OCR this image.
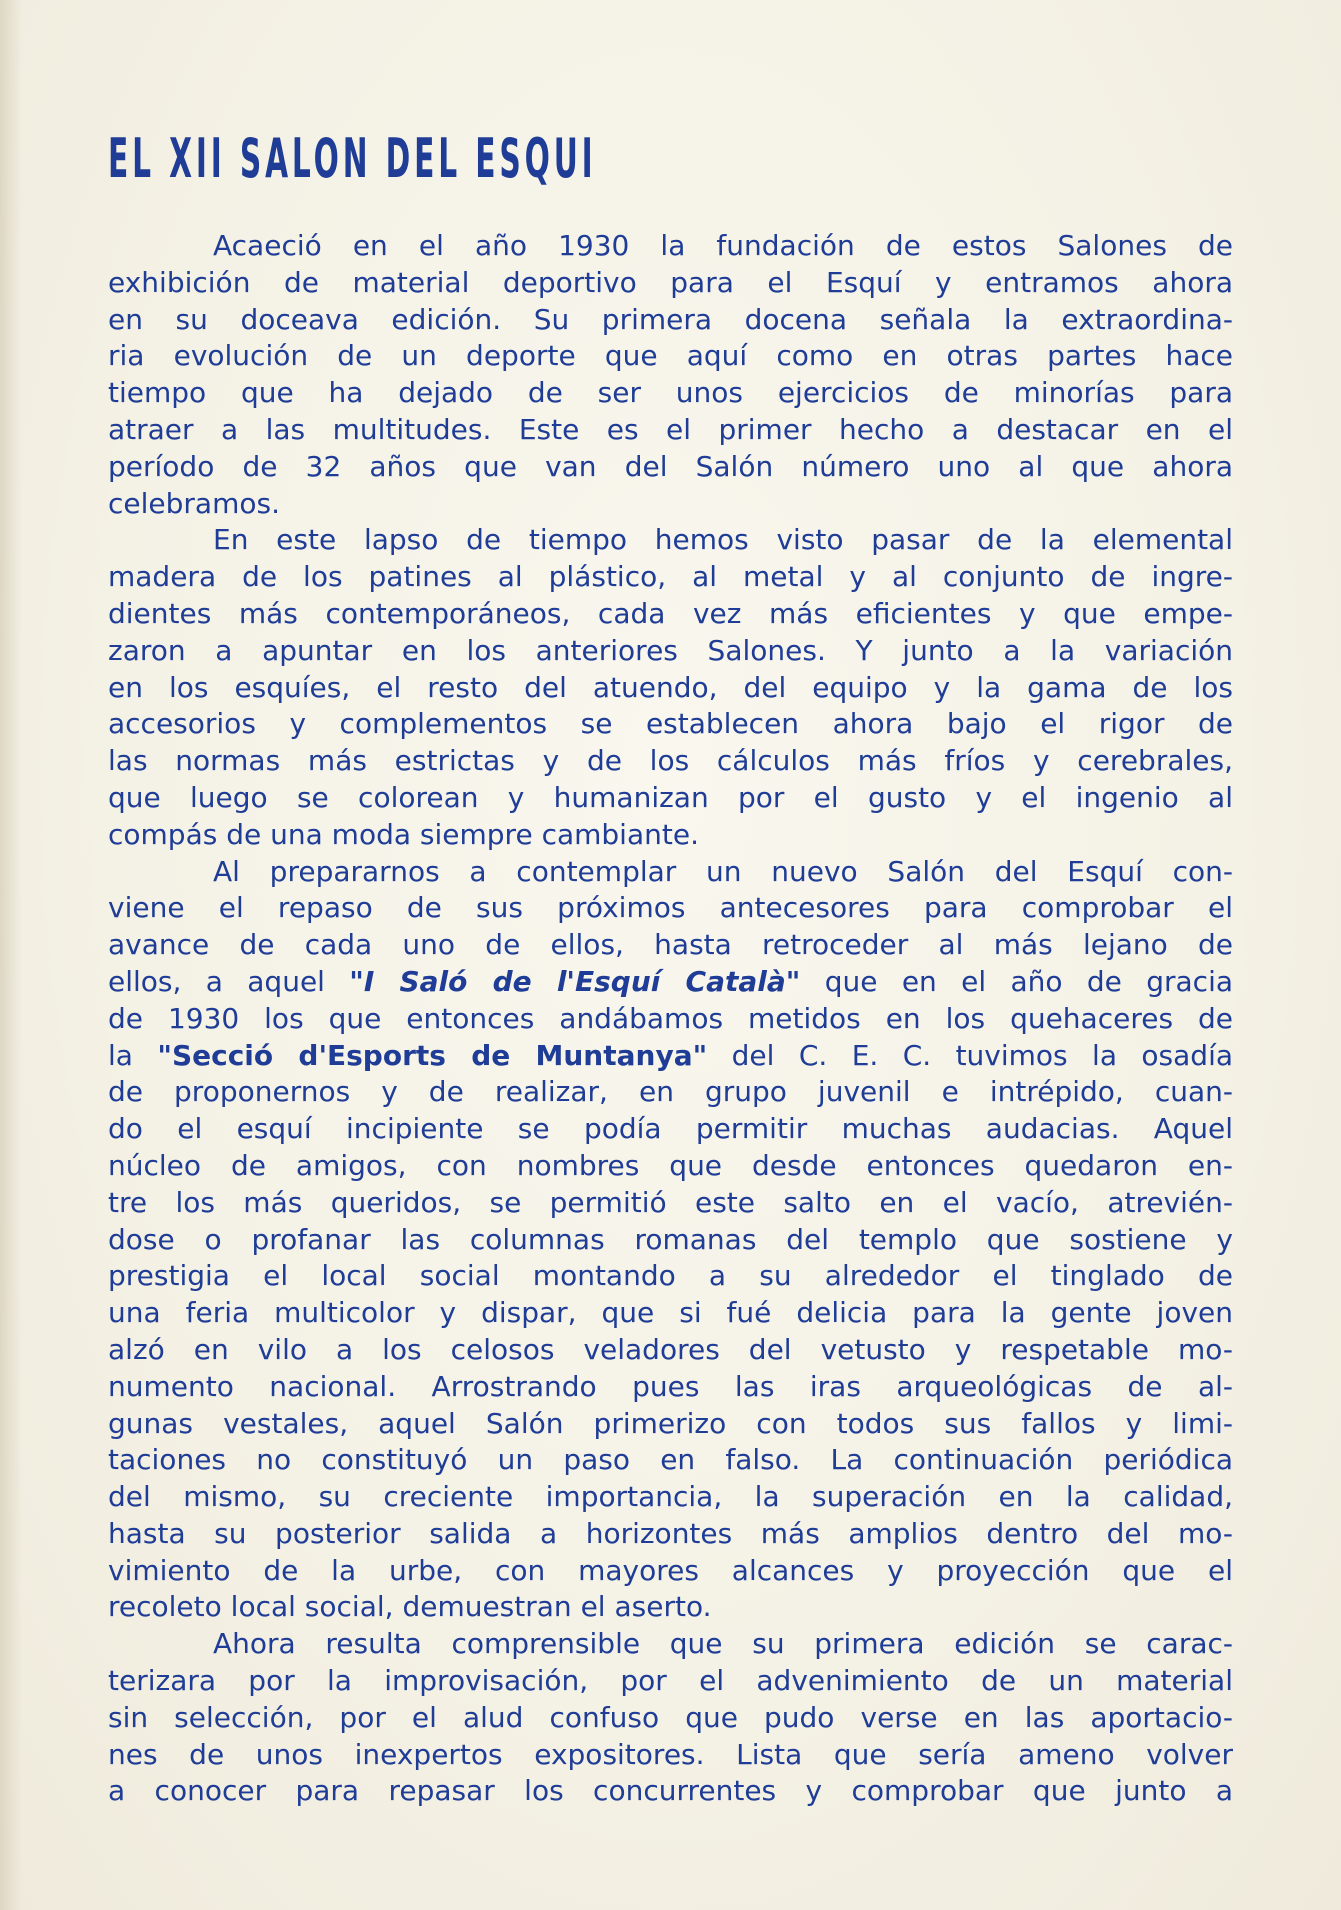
EL XII SALON DEL ESQUI
Acaeció en el año 1930 la fundación de estos Salones de
exhibición de material deportivo para el Esquí y entramos ahora
en su doceava edición. Su primera docena señala la extraordina-
ria evolución de un deporte que aquí como en otras partes hace
tiempo que ha dejado de ser unos ejercicios de minorías para
atraer a las multitudes. Este es el primer hecho a destacar en el
período de 32 años que van del Salón número uno al que ahora
celebramos.
En este lapso de tiempo hemos visto pasar de la elemental
madera de los patines al plástico, al metal y al conjunto de ingre-
dientes más contemporáneos, cada vez más eficientes y que empe-
zaron a apuntar en los anteriores Salones. Y junto a la variación
en los esquíes, el resto del atuendo, del equipo y la gama de los
accesorios y complementos se establecen ahora bajo el rigor de
las normas más estrictas y de los cálculos más fríos y cerebrales,
que luego se colorean y humanizan por el gusto y el ingenio al
compás de una moda siempre cambiante.
Al prepararnos a contemplar un nuevo Salón del Esquí con-
viene el repaso de sus próximos antecesores para comprobar el
avance de cada uno de ellos, hasta retroceder al más lejano de
ellos, a aquel "I Saló de l'Esquí Català" que en el año de gracia
de 1930 los que entonces andábamos metidos en los quehaceres de
la "Secció d'Esports de Muntanya" del C. E. C. tuvimos la osadía
de proponernos y de realizar, en grupo juvenil e intrépido, cuan-
do el esquí incipiente se podía permitir muchas audacias. Aquel
núcleo de amigos, con nombres que desde entonces quedaron en-
tre los más queridos, se permitió este salto en el vacío, atrevién-
dose o profanar las columnas romanas del templo que sostiene y
prestigia el local social montando a su alrededor el tinglado de
una feria multicolor y dispar, que si fué delicia para la gente joven
alzó en vilo a los celosos veladores del vetusto y respetable mo-
numento nacional. Arrostrando pues las iras arqueológicas de al-
gunas vestales, aquel Salón primerizo con todos sus fallos y limi-
taciones no constituyó un paso en falso. La continuación periódica
del mismo, su creciente importancia, la superación en la calidad,
hasta su posterior salida a horizontes más amplios dentro del mo-
vimiento de la urbe, con mayores alcances y proyección que el
recoleto local social, demuestran el aserto.
Ahora resulta comprensible que su primera edición se carac-
terizara por la improvisación, por el advenimiento de un material
sin selección, por el alud confuso que pudo verse en las aportacio-
nes de unos inexpertos expositores. Lista que sería ameno volver
a conocer para repasar los concurrentes y comprobar que junto a
